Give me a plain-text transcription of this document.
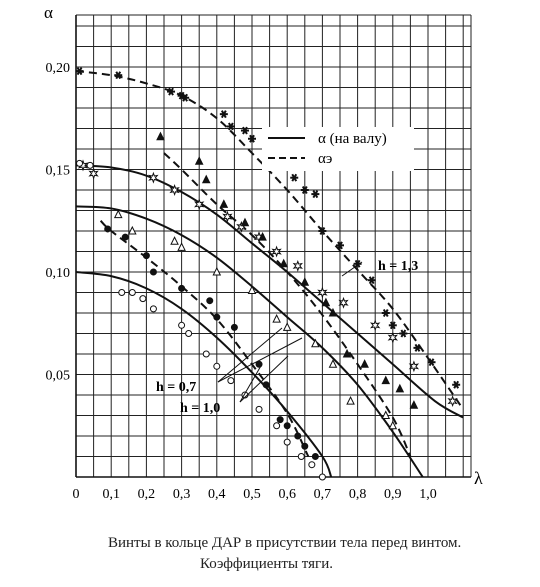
0 0,1 0,2 0,3 0,4 0,5 0,6 0,7 0,8 0,9 1,0
0,05
0,10
0,15
0,20
α (на валу)
αэ
α
λ
h = 1,3
h = 0,7
h = 1,0
Винты в кольце ДАР в присутствии тела перед винтом.
Коэффициенты тяги.
